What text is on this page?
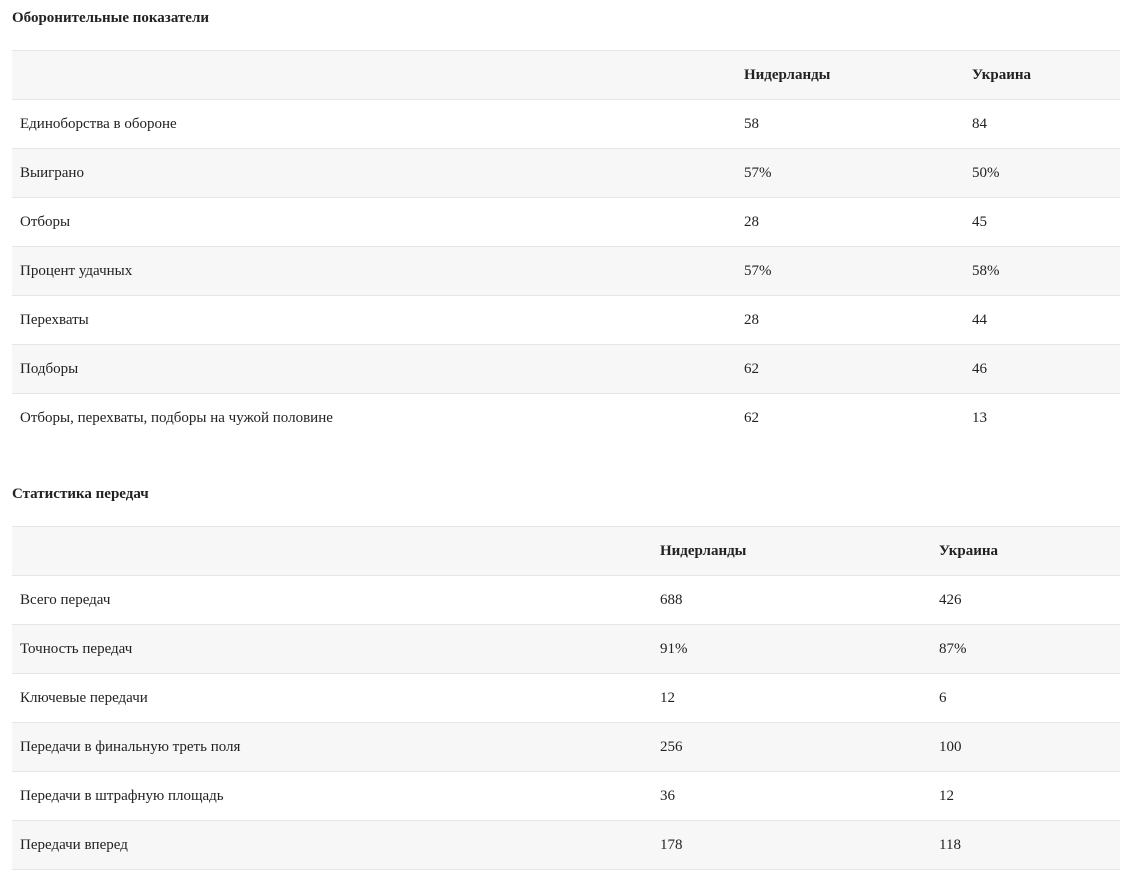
Оборонительные показатели
	Нидерланды	Украина
Единоборства в обороне	58	84
Выиграно	57%	50%
Отборы	28	45
Процент удачных	57%	58%
Перехваты	28	44
Подборы	62	46
Отборы, перехваты, подборы на чужой половине	62	13
Статистика передач
	Нидерланды	Украина
Всего передач	688	426
Точность передач	91%	87%
Ключевые передачи	12	6
Передачи в финальную треть поля	256	100
Передачи в штрафную площадь	36	12
Передачи вперед	178	118
